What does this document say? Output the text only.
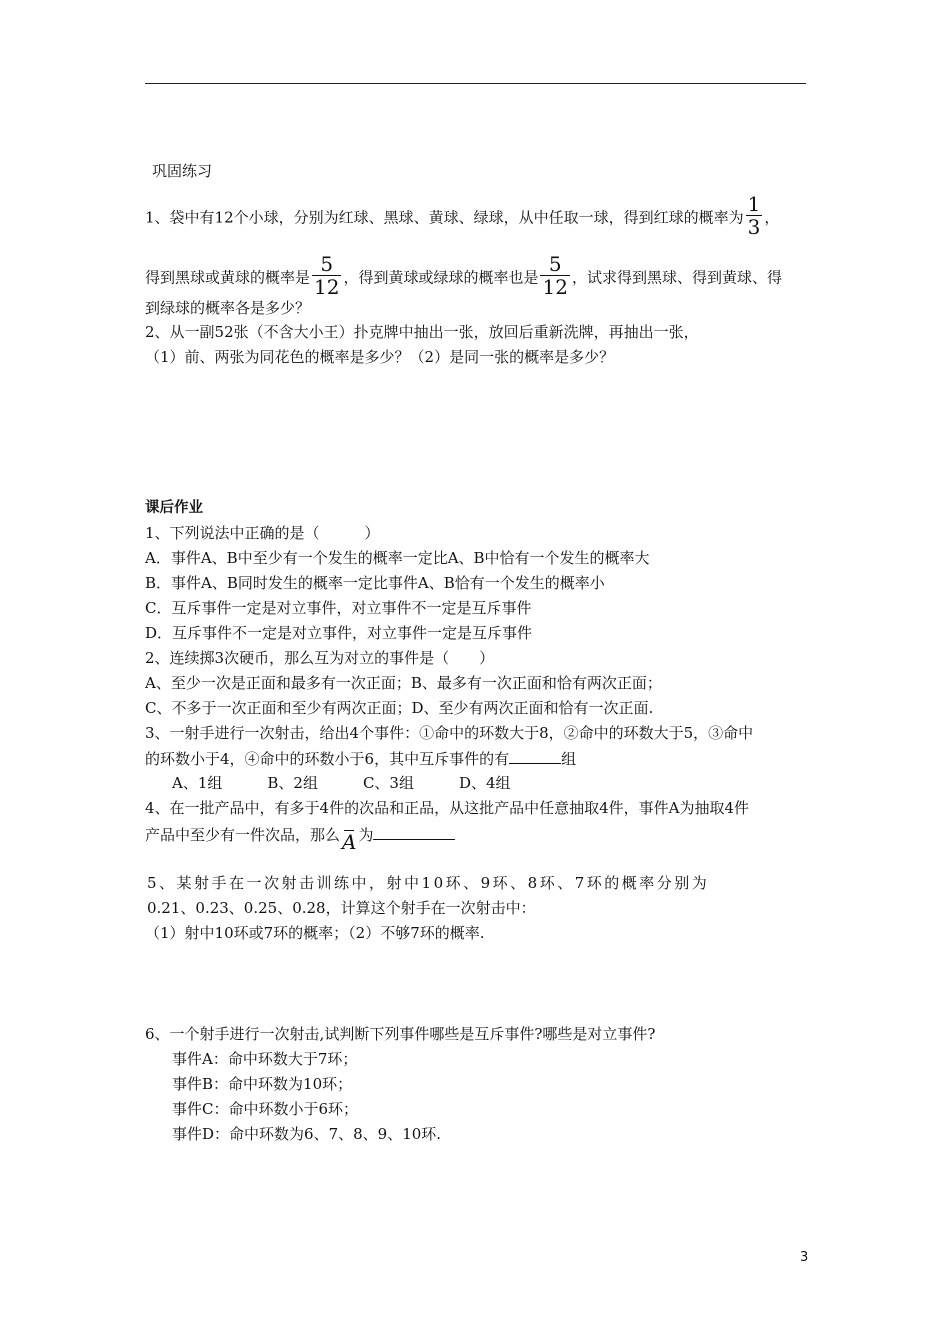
巩固练习
1、袋中有12个小球，分别为红球、黑球、黄球、绿球，从中任取一球，得到红球的概率为 $\frac{1}{3}$ ，
得到黑球或黄球的概率是 $\frac{5}{12}$ ，得到黄球或绿球的概率也是 $\frac{5}{12}$ ，试求得到黑球、得到黄球、得
到绿球的概率各是多少？
2、从一副52张（不含大小王）扑克牌中抽出一张，放回后重新洗牌，再抽出一张，
（1）前、两张为同花色的概率是多少？（2）是同一张的概率是多少？
课后作业
1、下列说法中正确的是（　　　）
A．事件A、B中至少有一个发生的概率一定比A、B中恰有一个发生的概率大
B．事件A、B同时发生的概率一定比事件A、B恰有一个发生的概率小
C．互斥事件一定是对立事件，对立事件不一定是互斥事件
D．互斥事件不一定是对立事件，对立事件一定是互斥事件
2、连续掷3次硬币，那么互为对立的事件是（　　）
A、至少一次是正面和最多有一次正面；B、最多有一次正面和恰有两次正面；
C、不多于一次正面和至少有两次正面；D、至少有两次正面和恰有一次正面.
3、一射手进行一次射击，给出4个事件：①命中的环数大于8，②命中的环数大于5，③命中
的环数小于4，④命中的环数小于6，其中互斥事件的有	组
A、1组　　　B、2组　　　C、3组　　　D、4组
4、在一批产品中，有多于4件的次品和正品，从这批产品中任意抽取4件，事件A为抽取4件
产品中至少有一件次品，那么 A 为
5、某射手在一次射击训练中，射中10环、9环、8环、7环的概率分别为
0.21、0.23、0.25、0.28，计算这个射手在一次射击中：
（1）射中10环或7环的概率；（2）不够7环的概率.
6、一个射手进行一次射击,试判断下列事件哪些是互斥事件?哪些是对立事件?
事件A：命中环数大于7环；
事件B：命中环数为10环；
事件C：命中环数小于6环；
事件D：命中环数为6、7、8、9、10环.
3
